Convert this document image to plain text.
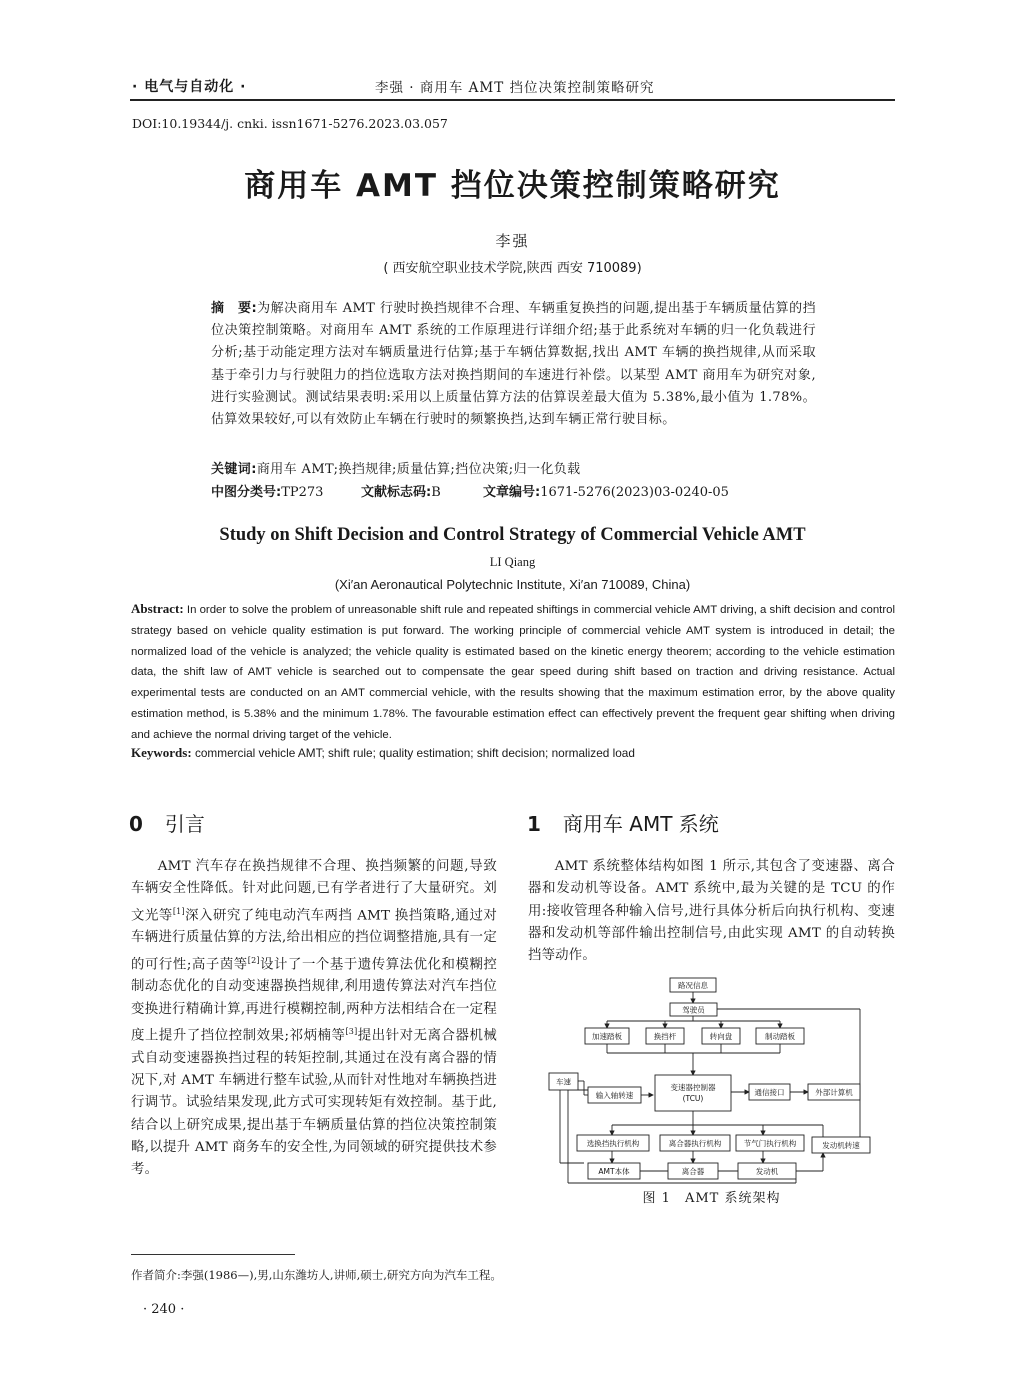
· 电气与自动化 ·	李强 · 商用车 AMT 挡位决策控制策略研究
DOI:10.19344/j. cnki. issn1671-5276.2023.03.057
商用车 AMT 挡位决策控制策略研究
李强
( 西安航空职业技术学院,陕西 西安 710089)
摘　要:为解决商用车 AMT 行驶时换挡规律不合理、车辆重复换挡的问题,提出基于车辆质量估算的挡位决策控制策略。对商用车 AMT 系统的工作原理进行详细介绍;基于此系统对车辆的归一化负载进行分析;基于动能定理方法对车辆质量进行估算;基于车辆估算数据,找出 AMT 车辆的换挡规律,从而采取基于牵引力与行驶阻力的挡位选取方法对换挡期间的车速进行补偿。以某型 AMT 商用车为研究对象,进行实验测试。测试结果表明:采用以上质量估算方法的估算误差最大值为 5.38%,最小值为 1.78%。估算效果较好,可以有效防止车辆在行驶时的频繁换挡,达到车辆正常行驶目标。
关键词:商用车 AMT;换挡规律;质量估算;挡位决策;归一化负载
中图分类号:TP273	文献标志码:B	文章编号:1671-5276(2023)03-0240-05
Study on Shift Decision and Control Strategy of Commercial Vehicle AMT
LI Qiang
(Xi′an Aeronautical Polytechnic Institute, Xi′an 710089, China)
Abstract: In order to solve the problem of unreasonable shift rule and repeated shiftings in commercial vehicle AMT driving, a shift decision and control strategy based on vehicle quality estimation is put forward. The working principle of commercial vehicle AMT system is introduced in detail; the normalized load of the vehicle is analyzed; the vehicle quality is estimated based on the kinetic energy theorem; according to the vehicle estimation data, the shift law of AMT vehicle is searched out to compensate the gear speed during shift based on traction and driving resistance. Actual experimental tests are conducted on an AMT commercial vehicle, with the results showing that the maximum estimation error, by the above quality estimation method, is 5.38% and the minimum 1.78%. The favourable estimation effect can effectively prevent the frequent gear shifting when driving and achieve the normal driving target of the vehicle.
Keywords: commercial vehicle AMT; shift rule; quality estimation; shift decision; normalized load
0 引言	1 商用车 AMT 系统
AMT 汽车存在换挡规律不合理、换挡频繁的问题,导致车辆安全性降低。针对此问题,已有学者进行了大量研究。刘文光等[1]深入研究了纯电动汽车两挡 AMT 换挡策略,通过对车辆进行质量估算的方法,给出相应的挡位调整措施,具有一定的可行性;高子茵等[2]设计了一个基于遗传算法优化和模糊控制动态优化的自动变速器换挡规律,利用遗传算法对汽车挡位变换进行精确计算,再进行模糊控制,两种方法相结合在一定程度上提升了挡位控制效果;祁炳楠等[3]提出针对无离合器机械式自动变速器换挡过程的转矩控制,其通过在没有离合器的情况下,对 AMT 车辆进行整车试验,从而针对性地对车辆换挡进行调节。试验结果发现,此方式可实现转矩有效控制。基于此,结合以上研究成果,提出基于车辆质量估算的挡位决策控制策略,以提升 AMT 商务车的安全性,为同领域的研究提供技术参考。
AMT 系统整体结构如图 1 所示,其包含了变速器、离合器和发动机等设备。AMT 系统中,最为关键的是 TCU 的作用:接收管理各种输入信号,进行具体分析后向执行机构、变速器和发动机等部件输出控制信号,由此实现 AMT 的自动转换挡等动作。
路况信息
驾驶员
加速踏板	换挡杆	转向盘	制动踏板
车速
输入轴转速
变速器控制器
(TCU)
通信接口	外部计算机
选换挡执行机构	离合器执行机构	节气门执行机构	发动机转速
AMT本体	离合器	发动机
图 1　AMT 系统架构
作者简介:李强(1986—),男,山东潍坊人,讲师,硕士,研究方向为汽车工程。
· 240 ·
